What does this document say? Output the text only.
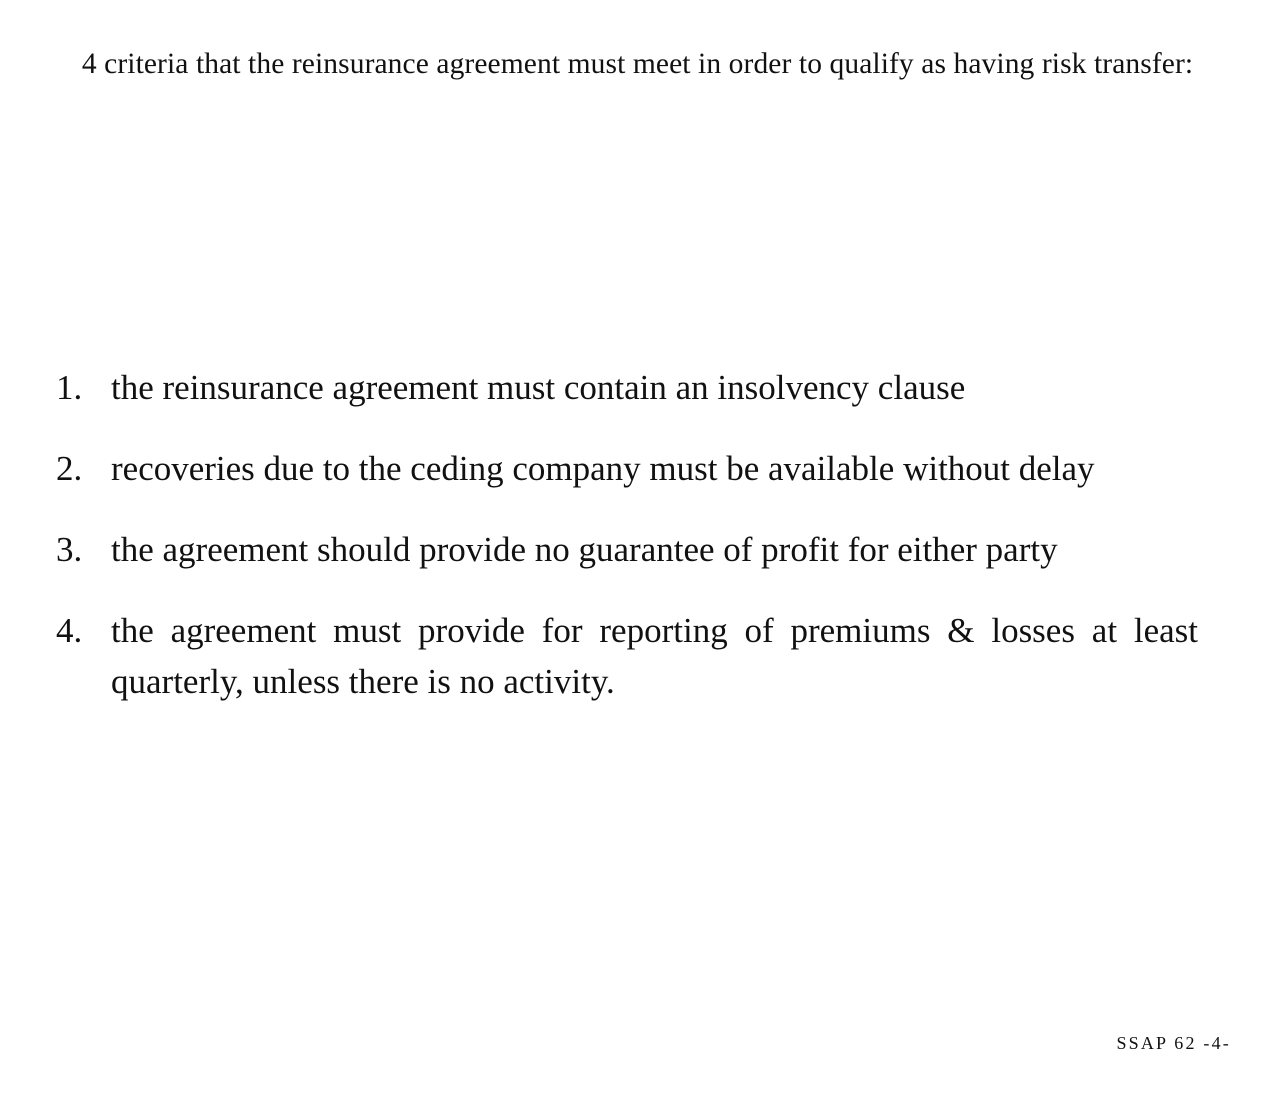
4 criteria that the reinsurance agreement must meet in order to qualify as having risk transfer:
1. the reinsurance agreement must contain an insolvency clause
2. recoveries due to the ceding company must be available without delay
3. the agreement should provide no guarantee of profit for either party
4. the agreement must provide for reporting of premiums & losses at least quarterly, unless there is no activity.
SSAP 62 -4-
